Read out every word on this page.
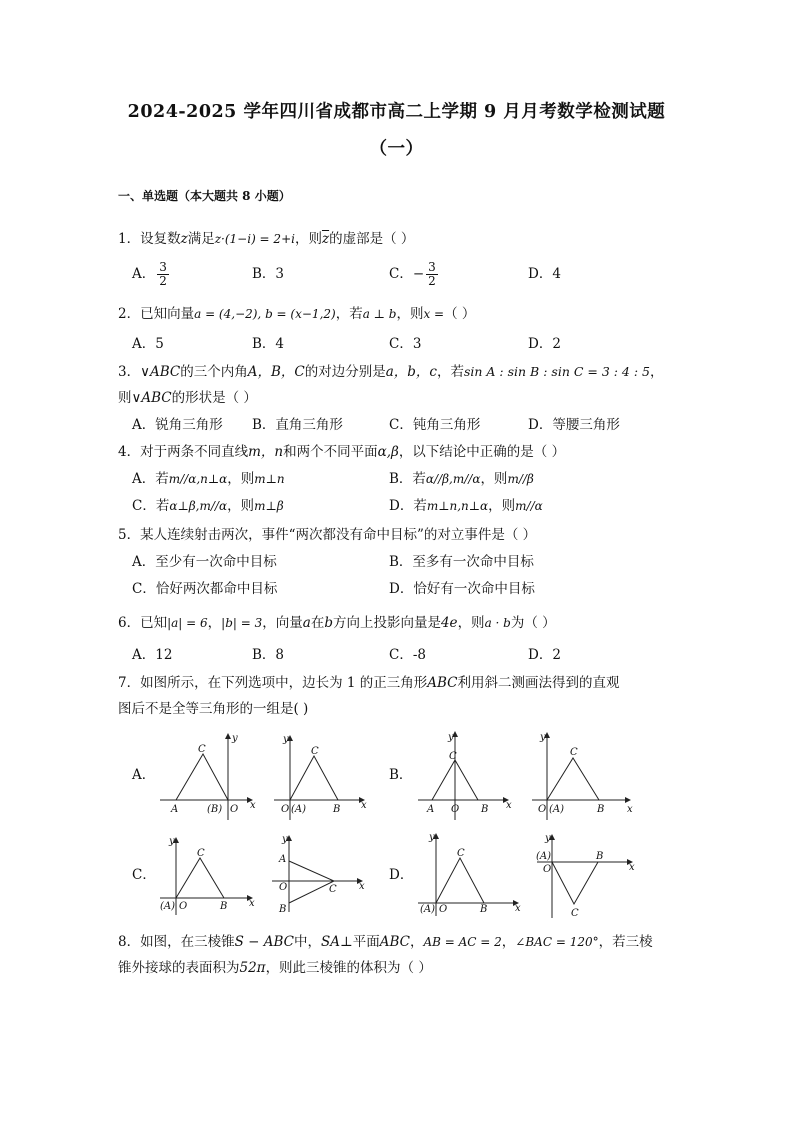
2024-2025 学年四川省成都市高二上学期 9 月月考数学检测试题
（一）
一、单选题（本大题共 8 小题）
1．设复数z满足z·(1−i) = 2+i，则$\overline{z}$的虚部是（ ）
A． $\frac{3}{2}$	B．3	C．− $\frac{3}{2}$	D．4
2．已知向量a = (4,−2), b = (x−1,2)，若a ⊥ b，则x =（ ）
A．5	B．4	C．3	D．2
3．∨ABC的三个内角A，B，C的对边分别是a，b，c，若sin A : sin B : sin C = 3 : 4 : 5，
则∨ABC的形状是（ ）
A．锐角三角形 B．直角三角形	C．钝角三角形	D．等腰三角形
4．对于两条不同直线m，n和两个不同平面α,β，以下结论中正确的是（ ）
A．若m//α,n⊥α，则m⊥n	B．若α//β,m//α，则m//β
C．若α⊥β,m//α，则m⊥β	D．若m⊥n,n⊥α，则m//α
5．某人连续射击两次，事件“两次都没有命中目标”的对立事件是（ ）
A．至少有一次命中目标	B．至多有一次命中目标
C．恰好两次都命中目标	D．恰好有一次命中目标
6．已知|a| = 6，|b| = 3，向量a在b方向上投影向量是4e，则a · b为（ ）
A．12	B．8	C．-8	D．2
7．如图所示，在下列选项中，边长为 1 的正三角形ABC利用斜二测画法得到的直观
图后不是全等三角形的一组是( )
A．	B．
C．	D．
y
x
C
A	(B) O
y
x
C
O (A)	B
y
x
C
A O B
y
x
C
O (A)	B
y
x
C
(A) O	B
y
x
A
O	C
B
y
x
C
(A) O	B
y
x
(A)
O
B
C
8．如图，在三棱锥S − ABC中，SA⊥平面ABC，AB = AC = 2，∠BAC = 120°，若三棱
锥外接球的表面积为52π，则此三棱锥的体积为（ ）
